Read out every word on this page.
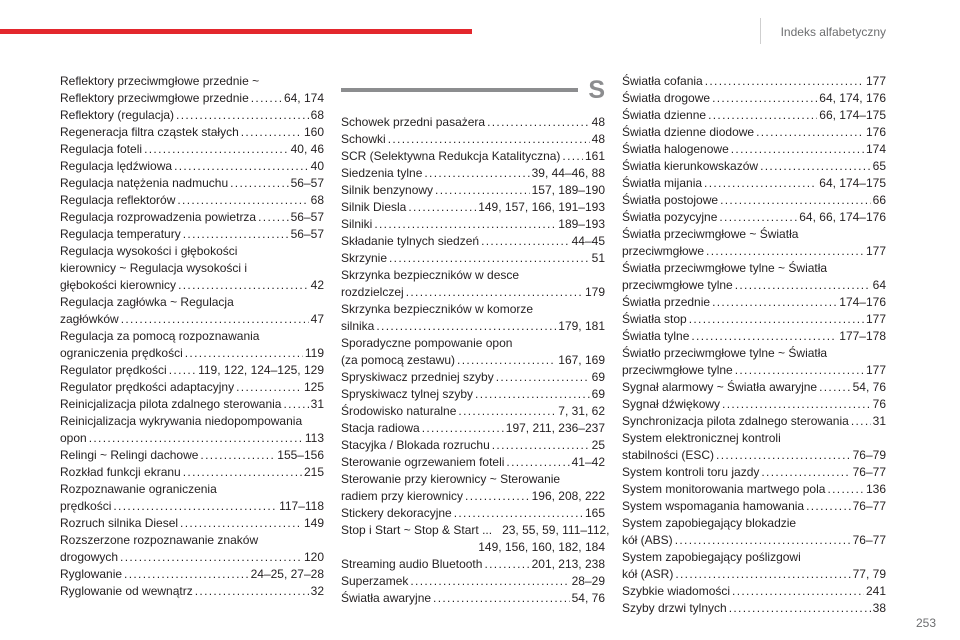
Indeks alfabetyczny
Reflektory przeciwmgłowe przednie ~
Reflektory przeciwmgłowe przednie . . .	64, 174
Reflektory (regulacja) . . .	68
Regeneracja filtra cząstek stałych . . .	160
Regulacja foteli . . .	40, 46
Regulacja lędźwiowa . . .	40
Regulacja natężenia nadmuchu . . .	56–57
Regulacja reflektorów . . .	68
Regulacja rozprowadzenia powietrza . . .	56–57
Regulacja temperatury . . .	56–57
Regulacja wysokości i głębokości
kierownicy ~ Regulacja wysokości i
głębokości kierownicy . . .	42
Regulacja zagłówka ~ Regulacja
zagłówków . . .	47
Regulacja za pomocą rozpoznawania
ograniczenia prędkości . . .	119
Regulator prędkości . . .	119, 122, 124–125, 129
Regulator prędkości adaptacyjny . . .	125
Reinicjalizacja pilota zdalnego sterowania . . . 31
Reinicjalizacja wykrywania niedopompowania
opon . . .	113
Relingi ~ Relingi dachowe . . .	155–156
Rozkład funkcji ekranu . . .	215
Rozpoznawanie ograniczenia
prędkości . . .	117–118
Rozruch silnika Diesel . . .	149
Rozszerzone rozpoznawanie znaków
drogowych . . .	120
Ryglowanie . . .	24–25, 27–28
Ryglowanie od wewnątrz . . .	32
S
Schowek przedni pasażera . . .	48
Schowki . . .	48
SCR (Selektywna Redukcja Katalityczna) . . . 161
Siedzenia tylne . . .	39, 44–46, 88
Silnik benzynowy . . .	157, 189–190
Silnik Diesla . . .	149, 157, 166, 191–193
Silniki . . .	189–193
Składanie tylnych siedzeń . . .	44–45
Skrzynie . . .	51
Skrzynka bezpieczników w desce
rozdzielczej . . .	179
Skrzynka bezpieczników w komorze
silnika . . .	179, 181
Sporadyczne pompowanie opon
(za pomocą zestawu) . . .	167, 169
Spryskiwacz przedniej szyby . . .	69
Spryskiwacz tylnej szyby . . .	69
Środowisko naturalne . . .	7, 31, 62
Stacja radiowa . . .	197, 211, 236–237
Stacyjka / Blokada rozruchu . . .	25
Sterowanie ogrzewaniem foteli . . .	41–42
Sterowanie przy kierownicy ~ Sterowanie
radiem przy kierownicy . . .	196, 208, 222
Stickery dekoracyjne . . .	165
Stop i Start ~ Stop & Start ... 23, 55, 59, 111–112,
149, 156, 160, 182, 184
Streaming audio Bluetooth . . .	201, 213, 238
Superzamek . . .	28–29
Światła awaryjne . . .	54, 76
Światła cofania . . .	177
Światła drogowe . . .	64, 174, 176
Światła dzienne . . .	66, 174–175
Światła dzienne diodowe . . .	176
Światła halogenowe . . .	174
Światła kierunkowskazów . . .	65
Światła mijania . . .	64, 174–175
Światła postojowe . . .	66
Światła pozycyjne . . .	64, 66, 174–176
Światła przeciwmgłowe ~ Światła
przeciwmgłowe . . .	177
Światła przeciwmgłowe tylne ~ Światła
przeciwmgłowe tylne . . .	64
Światła przednie . . .	174–176
Światła stop . . .	177
Światła tylne . . .	177–178
Światło przeciwmgłowe tylne ~ Światła
przeciwmgłowe tylne . . .	177
Sygnał alarmowy ~ Światła awaryjne . . .	54, 76
Sygnał dźwiękowy . . .	76
Synchronizacja pilota zdalnego sterowania . . . 31
System elektronicznej kontroli
stabilności (ESC) . . .	76–79
System kontroli toru jazdy . . .	76–77
System monitorowania martwego pola . . .	136
System wspomagania hamowania . . .	76–77
System zapobiegający blokadzie
kół (ABS) . . .	76–77
System zapobiegający poślizgowi
kół (ASR) . . .	77, 79
Szybkie wiadomości . . .	241
Szyby drzwi tylnych . . .	38
253
